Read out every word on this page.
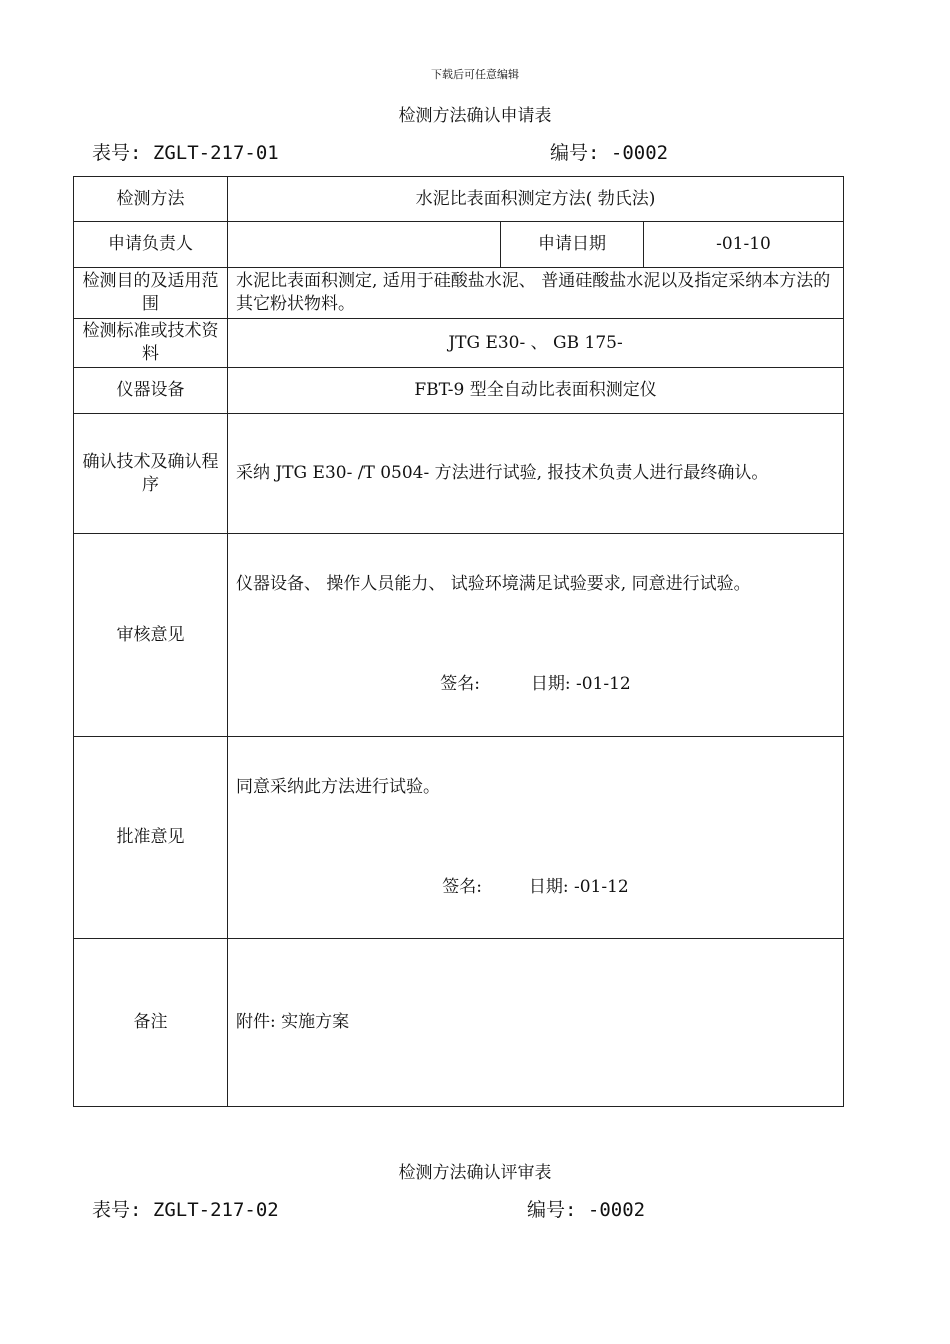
下载后可任意编辑
检测方法确认申请表
表号: ZGLT-217-01	编号: -0002
检测方法	水泥比表面积测定方法( 勃氏法)		
申请负责人		申请日期	-01-10
检测目的及适用范围	水泥比表面积测定, 适用于硅酸盐水泥、 普通硅酸盐水泥以及指定采纳本方法的其它粉状物料。		
检测标准或技术资料	JTG E30- 、 GB 175-		
仪器设备	FBT-9 型全自动比表面积测定仪		
确认技术及确认程序	采纳 JTG E30- /T 0504- 方法进行试验, 报技术负责人进行最终确认。		
审核意见	仪器设备、 操作人员能力、 试验环境满足试验要求, 同意进行试验。
签名: 日期: -01-12		

批准意见	同意采纳此方法进行试验。
签名: 日期: -01-12		

备注	附件: 实施方案		
检测方法确认评审表
表号: ZGLT-217-02	编号: -0002
